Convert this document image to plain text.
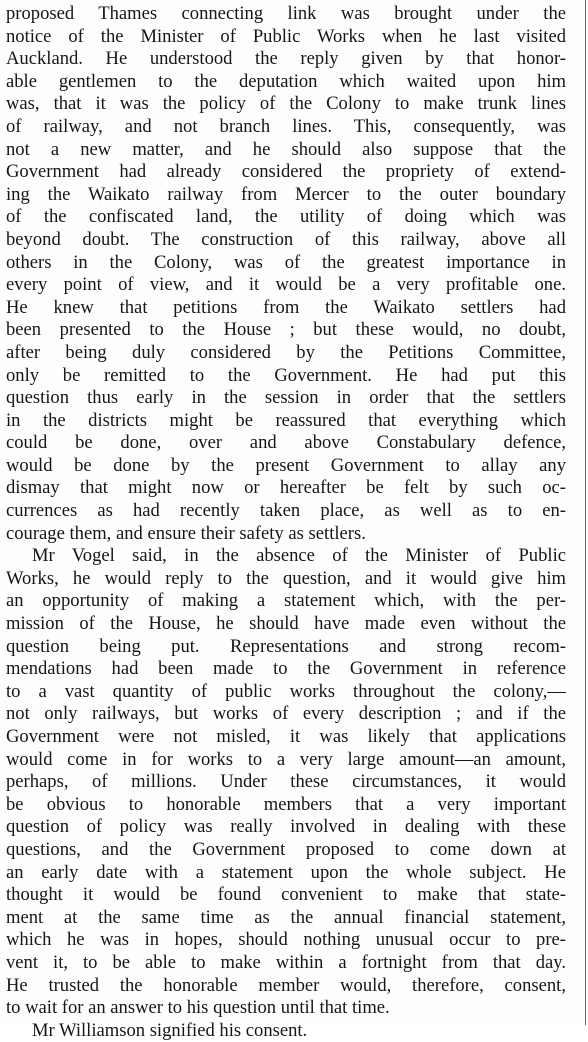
proposed Thames connecting link was brought under the
notice of the Minister of Public Works when he last visited
Auckland. He understood the reply given by that honor-
able gentlemen to the deputation which waited upon him
was, that it was the policy of the Colony to make trunk lines
of railway, and not branch lines. This, consequently, was
not a new matter, and he should also suppose that the
Government had already considered the propriety of extend-
ing the Waikato railway from Mercer to the outer boundary
of the confiscated land, the utility of doing which was
beyond doubt. The construction of this railway, above all
others in the Colony, was of the greatest importance in
every point of view, and it would be a very profitable one.
He knew that petitions from the Waikato settlers had
been presented to the House ; but these would, no doubt,
after being duly considered by the Petitions Committee,
only be remitted to the Government. He had put this
question thus early in the session in order that the settlers
in the districts might be reassured that everything which
could be done, over and above Constabulary defence,
would be done by the present Government to allay any
dismay that might now or hereafter be felt by such oc-
currences as had recently taken place, as well as to en-
courage them, and ensure their safety as settlers.
Mr Vogel said, in the absence of the Minister of Public
Works, he would reply to the question, and it would give him
an opportunity of making a statement which, with the per-
mission of the House, he should have made even without the
question being put. Representations and strong recom-
mendations had been made to the Government in reference
to a vast quantity of public works throughout the colony,—
not only railways, but works of every description ; and if the
Government were not misled, it was likely that applications
would come in for works to a very large amount—an amount,
perhaps, of millions. Under these circumstances, it would
be obvious to honorable members that a very important
question of policy was really involved in dealing with these
questions, and the Government proposed to come down at
an early date with a statement upon the whole subject. He
thought it would be found convenient to make that state-
ment at the same time as the annual financial statement,
which he was in hopes, should nothing unusual occur to pre-
vent it, to be able to make within a fortnight from that day.
He trusted the honorable member would, therefore, consent,
to wait for an answer to his question until that time.
Mr Williamson signified his consent.
